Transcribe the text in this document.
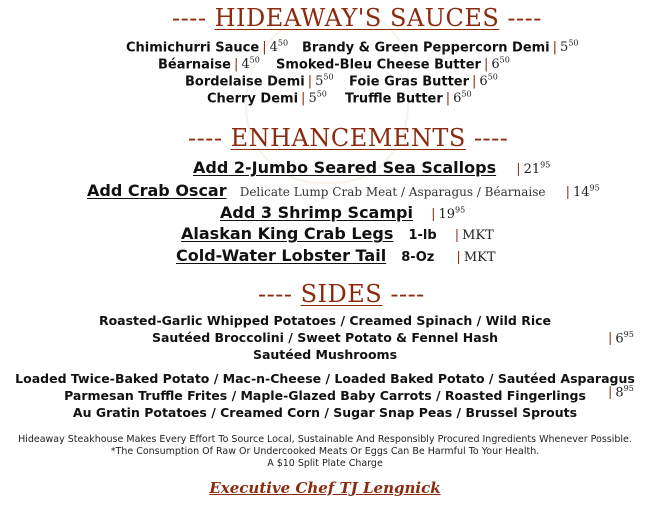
---- HIDEAWAY'S SAUCES ----
Chimichurri Sauce | $4^{50}$ Brandy & Green Peppercorn Demi | $5^{50}$
Béarnaise | $4^{50}$ Smoked-Bleu Cheese Butter | $6^{50}$
Bordelaise Demi | $5^{50}$ Foie Gras Butter | $6^{50}$
Cherry Demi | $5^{50}$ Truffle Butter | $6^{50}$
---- ENHANCEMENTS ----
Add 2-Jumbo Seared Sea Scallops | $21^{95}$
Add Crab Oscar Delicate Lump Crab Meat / Asparagus / Béarnaise | $14^{95}$
Add 3 Shrimp Scampi | $19^{95}$
Alaskan King Crab Legs 1-lb | MKT
Cold-Water Lobster Tail 8-Oz | MKT
---- SIDES ----
Roasted-Garlic Whipped Potatoes / Creamed Spinach / Wild Rice
Sautéed Broccolini / Sweet Potato & Fennel Hash
Sautéed Mushrooms
| $6^{95}$
Loaded Twice-Baked Potato / Mac-n-Cheese / Loaded Baked Potato / Sautéed Asparagus
Parmesan Truffle Frites / Maple-Glazed Baby Carrots / Roasted Fingerlings
Au Gratin Potatoes / Creamed Corn / Sugar Snap Peas / Brussel Sprouts
| $8^{95}$
Hideaway Steakhouse Makes Every Effort To Source Local, Sustainable And Responsibly Procured Ingredients Whenever Possible.
*The Consumption Of Raw Or Undercooked Meats Or Eggs Can Be Harmful To Your Health.
A $10 Split Plate Charge
Executive Chef TJ Lengnick
